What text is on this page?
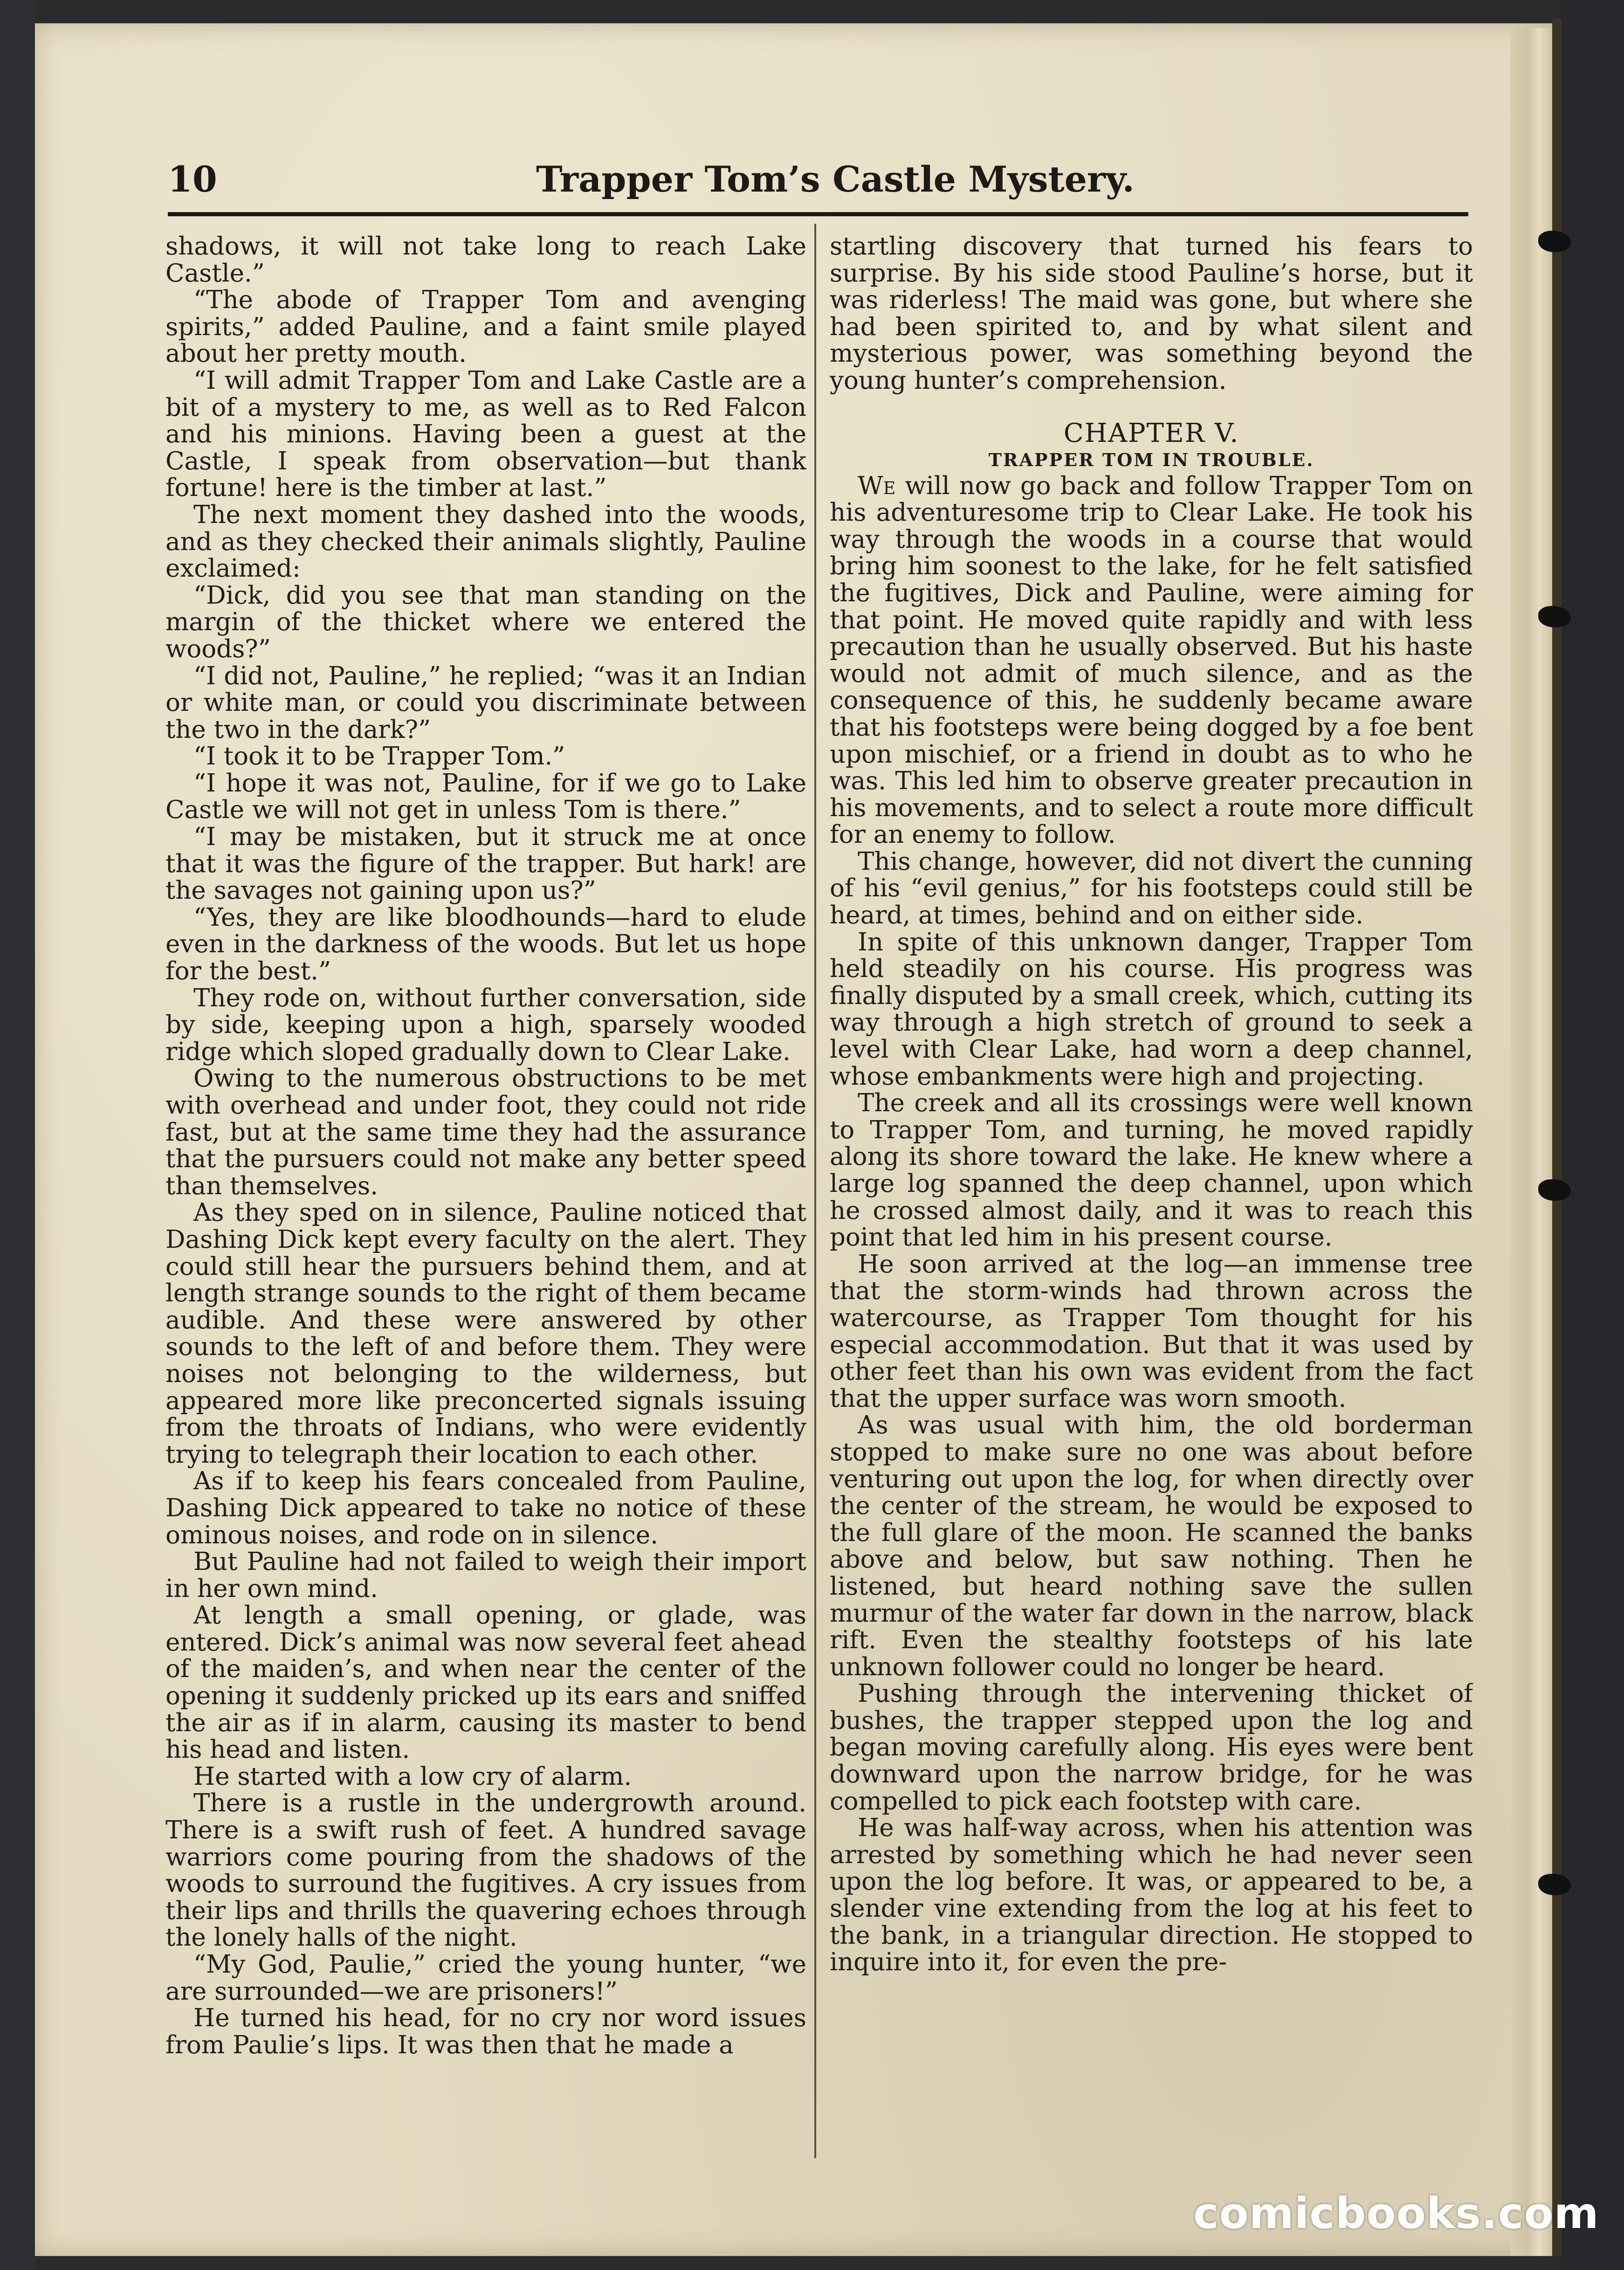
10	Trapper Tom’s Castle Mystery.

shadows, it will not take long to reach Lake Castle.”

“The abode of Trapper Tom and avenging spirits,” added Pauline, and a faint smile played about her pretty mouth.

“I will admit Trapper Tom and Lake Castle are a bit of a mystery to me, as well as to Red Falcon and his minions. Having been a guest at the Castle, I speak from observation—but thank fortune! here is the timber at last.”

The next moment they dashed into the woods, and as they checked their animals slightly, Pauline exclaimed:

“Dick, did you see that man standing on the margin of the thicket where we entered the woods?”

“I did not, Pauline,” he replied; “was it an Indian or white man, or could you discriminate between the two in the dark?”

“I took it to be Trapper Tom.”

“I hope it was not, Pauline, for if we go to Lake Castle we will not get in unless Tom is there.”

“I may be mistaken, but it struck me at once that it was the figure of the trapper. But hark! are the savages not gaining upon us?”

“Yes, they are like bloodhounds—hard to elude even in the darkness of the woods. But let us hope for the best.”

They rode on, without further conversation, side by side, keeping upon a high, sparsely wooded ridge which sloped gradually down to Clear Lake.

Owing to the numerous obstructions to be met with overhead and under foot, they could not ride fast, but at the same time they had the assurance that the pursuers could not make any better speed than themselves.

As they sped on in silence, Pauline noticed that Dashing Dick kept every faculty on the alert. They could still hear the pursuers behind them, and at length strange sounds to the right of them became audible. And these were answered by other sounds to the left of and before them. They were noises not belonging to the wilderness, but appeared more like preconcerted signals issuing from the throats of Indians, who were evidently trying to telegraph their location to each other.

As if to keep his fears concealed from Pauline, Dashing Dick appeared to take no notice of these ominous noises, and rode on in silence.

But Pauline had not failed to weigh their import in her own mind.

At length a small opening, or glade, was entered. Dick’s animal was now several feet ahead of the maiden’s, and when near the center of the opening it suddenly pricked up its ears and sniffed the air as if in alarm, causing its master to bend his head and listen.

He started with a low cry of alarm.

There is a rustle in the undergrowth around. There is a swift rush of feet. A hundred savage warriors come pouring from the shadows of the woods to surround the fugitives. A cry issues from their lips and thrills the quavering echoes through the lonely halls of the night.

“My God, Paulie,” cried the young hunter, “we are surrounded—we are prisoners!”

He turned his head, for no cry nor word issues from Paulie’s lips. It was then that he made a

startling discovery that turned his fears to surprise. By his side stood Pauline’s horse, but it was riderless! The maid was gone, but where she had been spirited to, and by what silent and mysterious power, was something beyond the young hunter’s comprehension.

CHAPTER V.
TRAPPER TOM IN TROUBLE.

We will now go back and follow Trapper Tom on his adventuresome trip to Clear Lake. He took his way through the woods in a course that would bring him soonest to the lake, for he felt satisfied the fugitives, Dick and Pauline, were aiming for that point. He moved quite rapidly and with less precaution than he usually observed. But his haste would not admit of much silence, and as the consequence of this, he suddenly became aware that his footsteps were being dogged by a foe bent upon mischief, or a friend in doubt as to who he was. This led him to observe greater precaution in his movements, and to select a route more difficult for an enemy to follow.

This change, however, did not divert the cunning of his “evil genius,” for his footsteps could still be heard, at times, behind and on either side.

In spite of this unknown danger, Trapper Tom held steadily on his course. His progress was finally disputed by a small creek, which, cutting its way through a high stretch of ground to seek a level with Clear Lake, had worn a deep channel, whose embankments were high and projecting.

The creek and all its crossings were well known to Trapper Tom, and turning, he moved rapidly along its shore toward the lake. He knew where a large log spanned the deep channel, upon which he crossed almost daily, and it was to reach this point that led him in his present course.

He soon arrived at the log—an immense tree that the storm-winds had thrown across the watercourse, as Trapper Tom thought for his especial accommodation. But that it was used by other feet than his own was evident from the fact that the upper surface was worn smooth.

As was usual with him, the old borderman stopped to make sure no one was about before venturing out upon the log, for when directly over the center of the stream, he would be exposed to the full glare of the moon. He scanned the banks above and below, but saw nothing. Then he listened, but heard nothing save the sullen murmur of the water far down in the narrow, black rift. Even the stealthy footsteps of his late unknown follower could no longer be heard.

Pushing through the intervening thicket of bushes, the trapper stepped upon the log and began moving carefully along. His eyes were bent downward upon the narrow bridge, for he was compelled to pick each footstep with care.

He was half-way across, when his attention was arrested by something which he had never seen upon the log before. It was, or appeared to be, a slender vine extending from the log at his feet to the bank, in a triangular direction. He stopped to inquire into it, for even the pre-

comicbooks.com
